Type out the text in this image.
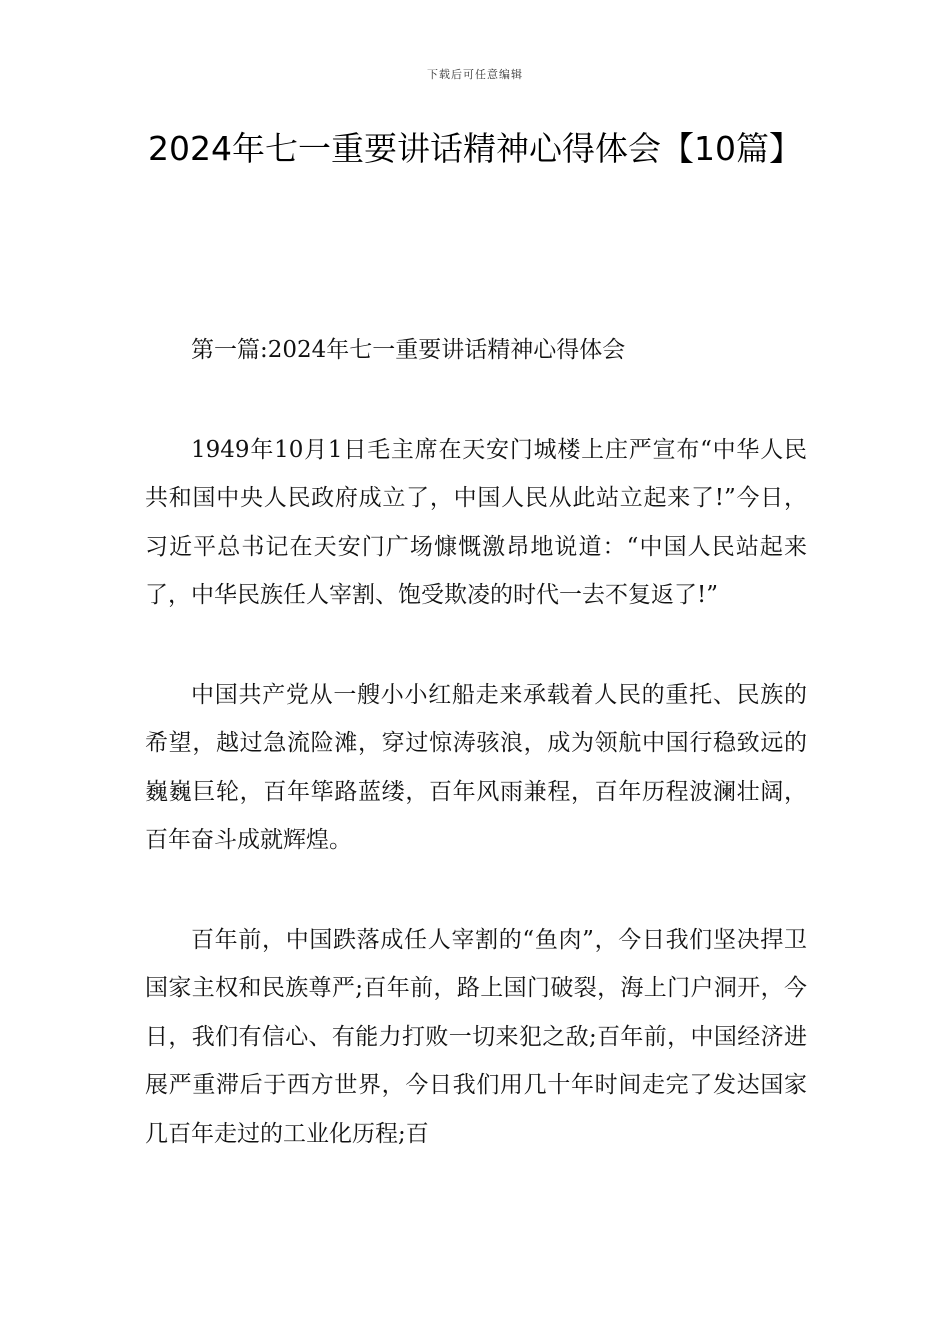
下载后可任意编辑
2024年七一重要讲话精神心得体会【10篇】

第一篇:2024年七一重要讲话精神心得体会

1949年10月1日毛主席在天安门城楼上庄严宣布“中华人民共和国中央人民政府成立了，中国人民从此站立起来了!”今日，习近平总书记在天安门广场慷慨激昂地说道：“中国人民站起来了，中华民族任人宰割、饱受欺凌的时代一去不复返了!”

中国共产党从一艘小小红船走来承载着人民的重托、民族的希望，越过急流险滩，穿过惊涛骇浪，成为领航中国行稳致远的巍巍巨轮，百年筚路蓝缕，百年风雨兼程，百年历程波澜壮阔，百年奋斗成就辉煌。

百年前，中国跌落成任人宰割的“鱼肉”，今日我们坚决捍卫国家主权和民族尊严;百年前，路上国门破裂，海上门户洞开，今日，我们有信心、有能力打败一切来犯之敌;百年前，中国经济进展严重滞后于西方世界，今日我们用几十年时间走完了发达国家几百年走过的工业化历程;百
